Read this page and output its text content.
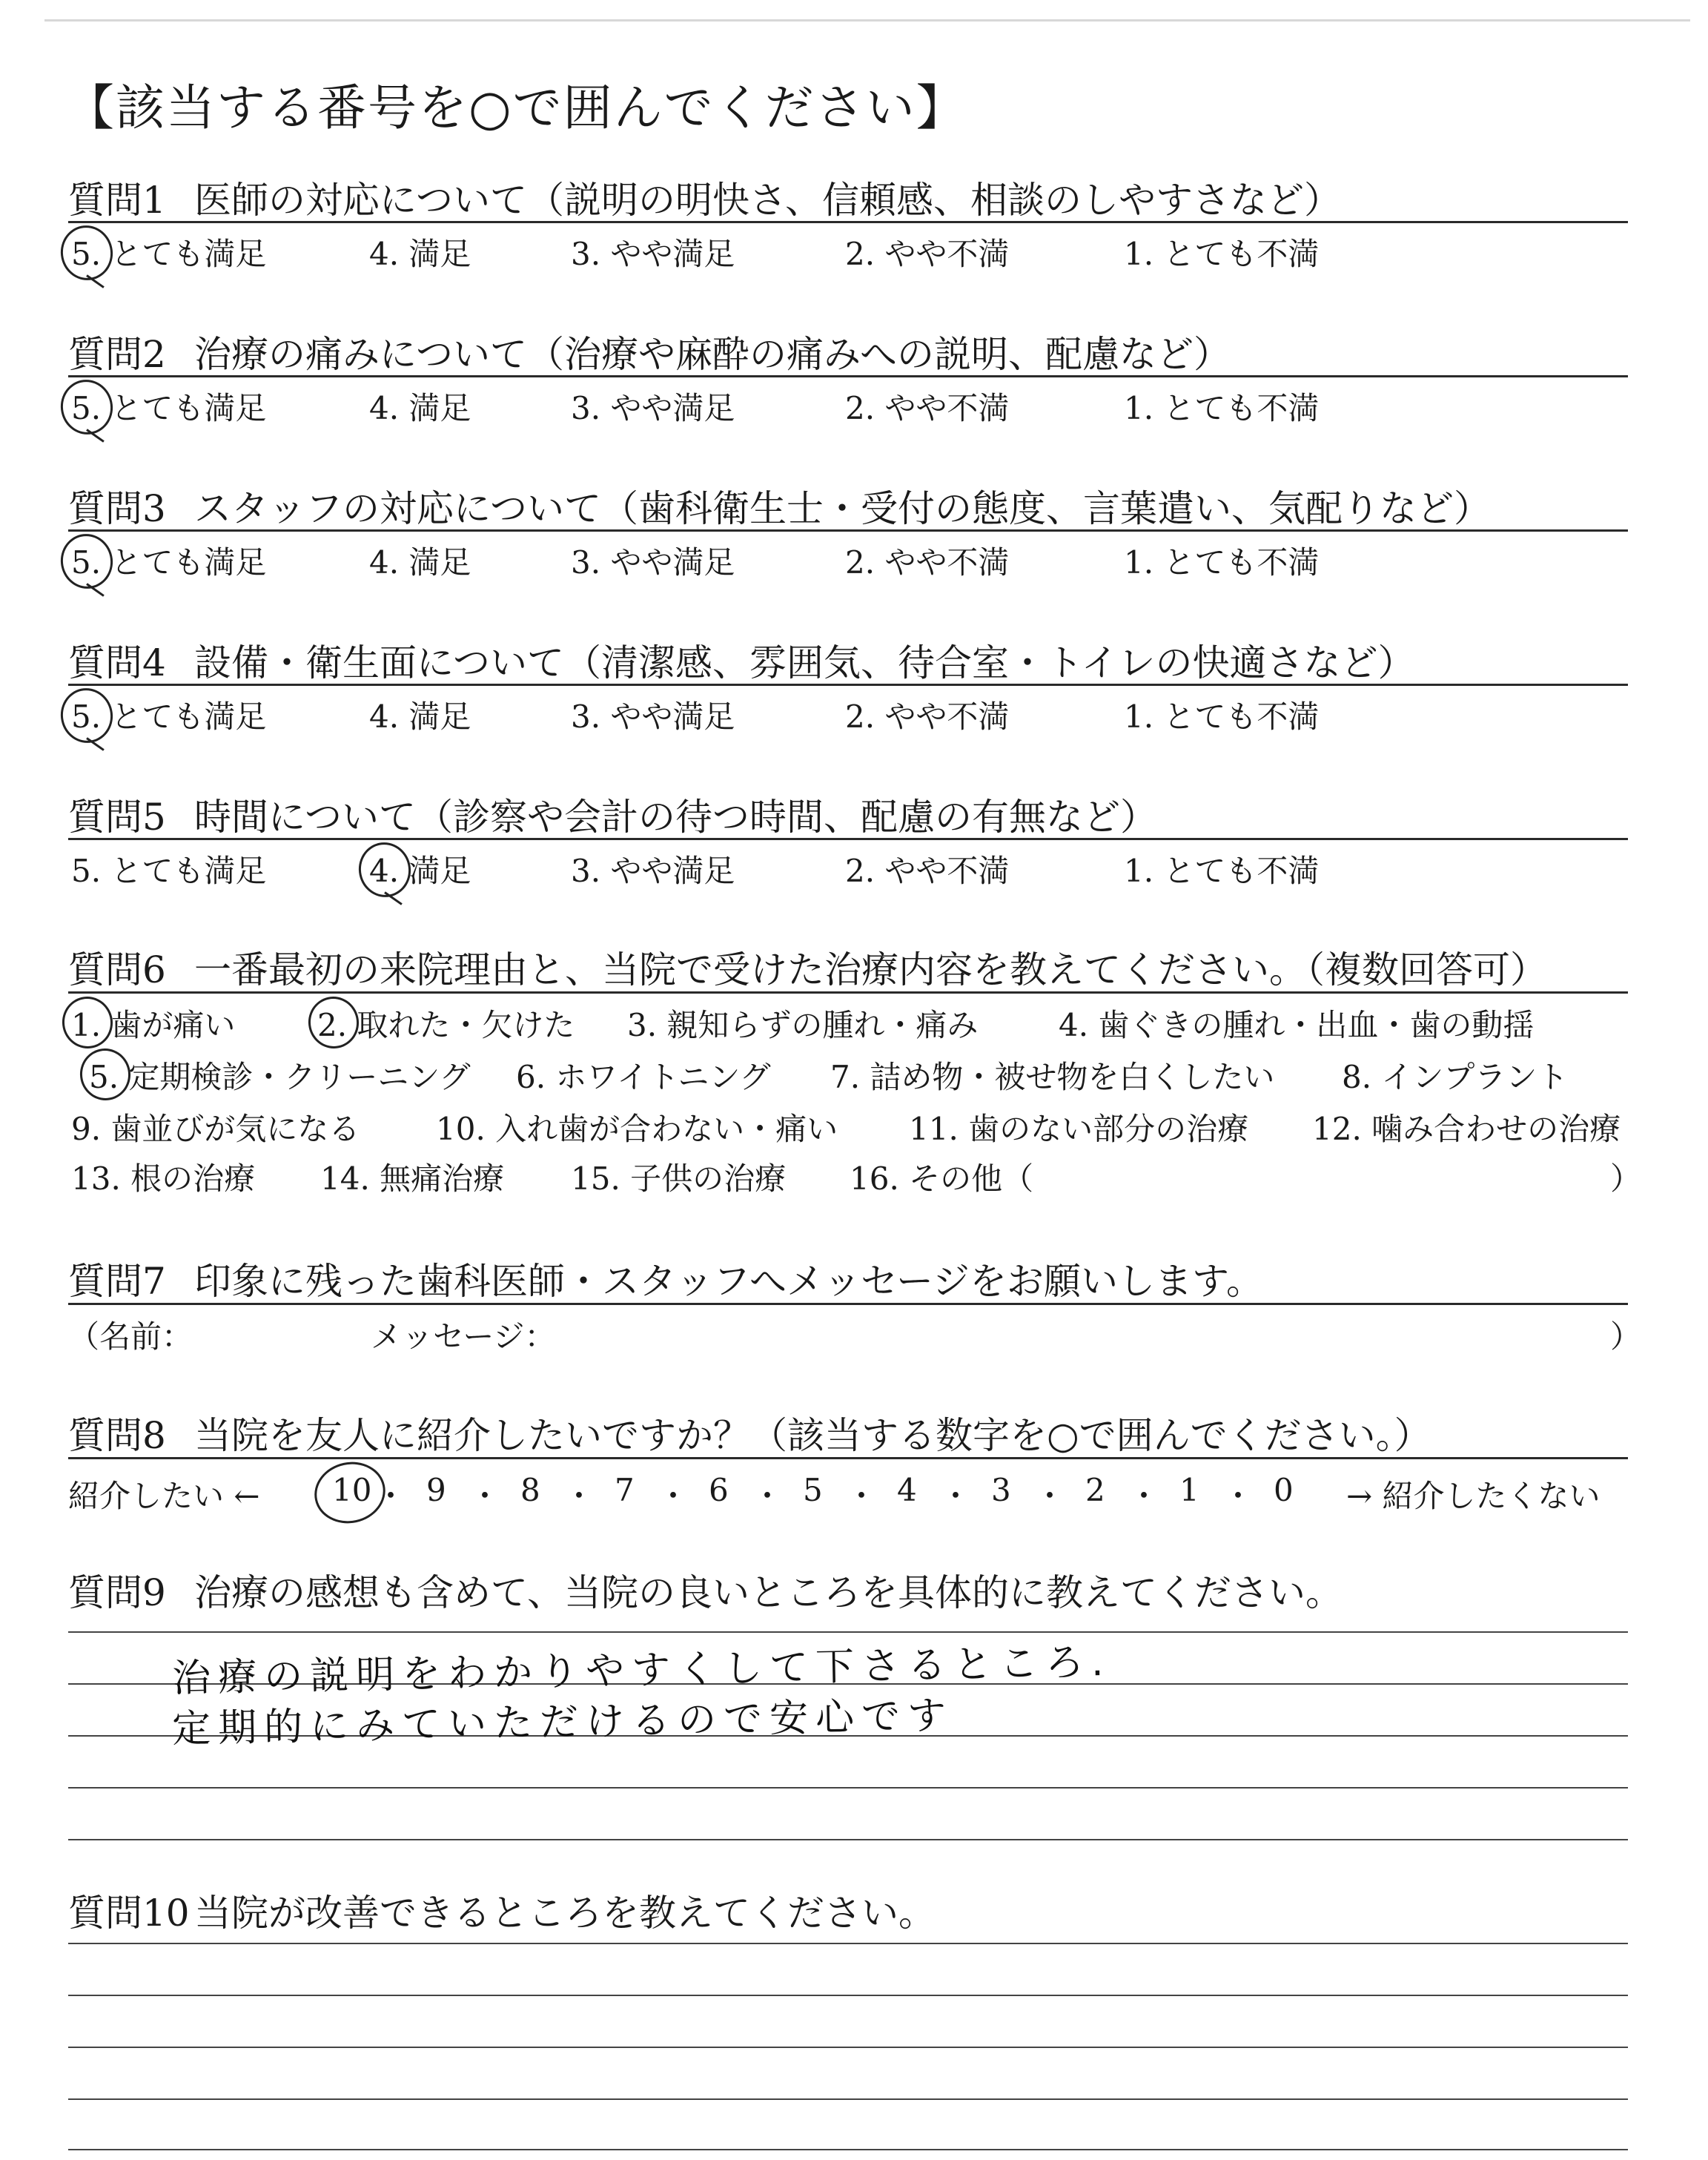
【該当する番号を○で囲んでください】
質問1 医師の対応について（説明の明快さ、信頼感、相談のしやすさなど）
5. とても満足	4. 満足	3. やや満足	2. やや不満	1. とても不満
質問2 治療の痛みについて（治療や麻酔の痛みへの説明、配慮など）
5. とても満足	4. 満足	3. やや満足	2. やや不満	1. とても不満
質問3 スタッフの対応について（歯科衛生士・受付の態度、言葉遣い、気配りなど）
5. とても満足	4. 満足	3. やや満足	2. やや不満	1. とても不満
質問4 設備・衛生面について（清潔感、雰囲気、待合室・トイレの快適さなど）
5. とても満足	4. 満足	3. やや満足	2. やや不満	1. とても不満
質問5 時間について（診察や会計の待つ時間、配慮の有無など）
5. とても満足	4. 満足	3. やや満足	2. やや不満	1. とても不満
質問6 一番最初の来院理由と、当院で受けた治療内容を教えてください。（複数回答可）
1. 歯が痛い	2. 取れた・欠けた 3. 親知らずの腫れ・痛み	4. 歯ぐきの腫れ・出血・歯の動揺
5. 定期検診・クリーニング 6. ホワイトニング 7. 詰め物・被せ物を白くしたい 8. インプラント
9. 歯並びが気になる 10. 入れ歯が合わない・痛い 11. 歯のない部分の治療 12. 噛み合わせの治療
13. 根の治療 14. 無痛治療 15. 子供の治療 16. その他（	）
質問7 印象に残った歯科医師・スタッフへメッセージをお願いします。
（名前：	メッセージ：	）
質問8 当院を友人に紹介したいですか？（該当する数字を○で囲んでください。）
紹介したい ←	→ 紹介したくない
10 ・ 9 ・ 8 ・ 7 ・ 6 ・ 5 ・ 4 ・ 3 ・ 2 ・ 1 ・ 0
質問9 治療の感想も含めて、当院の良いところを具体的に教えてください。
治療の説明をわかりやすくして下さるところ.
定期的にみていただけるので安心です
質問10 当院が改善できるところを教えてください。
